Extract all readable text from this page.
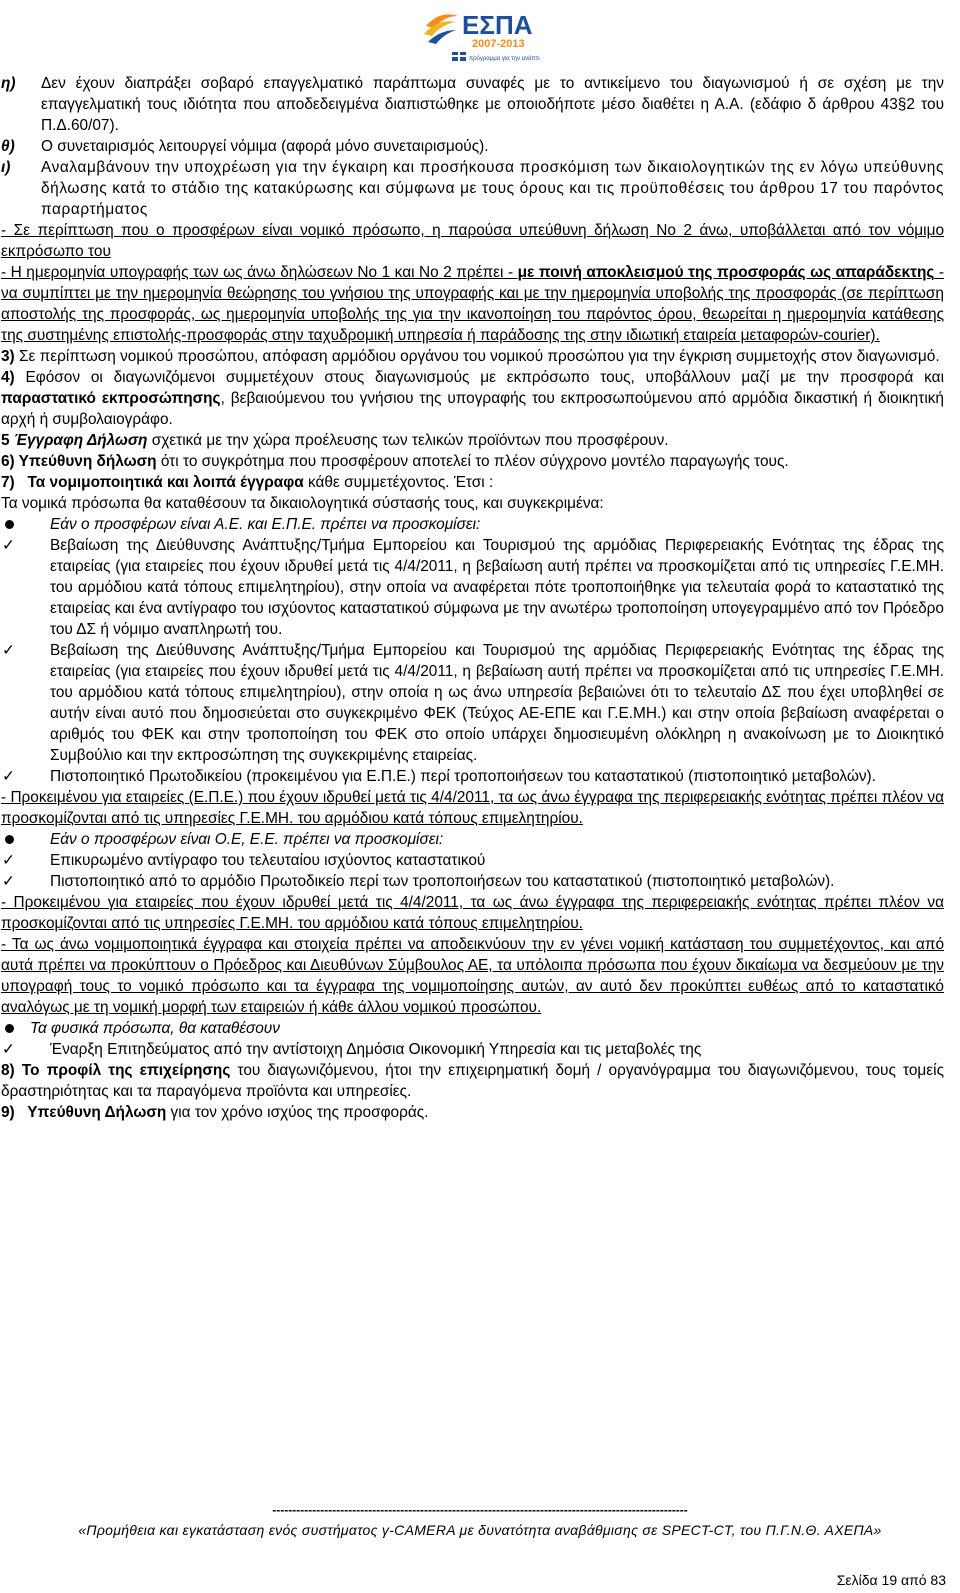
ΕΣΠΑ
2007-2013
πρόγραμμα για την ανάπτυξη
η)	Δεν έχουν διαπράξει σοβαρό επαγγελματικό παράπτωμα συναφές με το αντικείμενο του διαγωνισμού ή σε σχέση με την επαγγελματική τους ιδιότητα που αποδεδειγμένα διαπιστώθηκε με οποιοδήποτε μέσο διαθέτει η Α.Α. (εδάφιο δ άρθρου 43§2 του Π.Δ.60/07).
θ)	Ο συνεταιρισμός λειτουργεί νόμιμα (αφορά μόνο συνεταιρισμούς).
ι)	Αναλαμβάνουν την υποχρέωση για την έγκαιρη και προσήκουσα προσκόμιση των δικαιολογητικών της εν λόγω υπεύθυνης δήλωσης κατά το στάδιο της κατακύρωσης και σύμφωνα με τους όρους και τις προϋποθέσεις του άρθρου 17 του παρόντος παραρτήματος

- Σε περίπτωση που ο προσφέρων είναι νομικό πρόσωπο, η παρούσα υπεύθυνη δήλωση Νο 2 άνω, υποβάλλεται από τον νόμιμο εκπρόσωπο του

- Η ημερομηνία υπογραφής των ως άνω δηλώσεων Νο 1 και Νο 2 πρέπει - με ποινή αποκλεισμού της προσφοράς ως απαράδεκτης - να συμπίπτει με την ημερομηνία θεώρησης του γνήσιου της υπογραφής και με την ημερομηνία υποβολής της προσφοράς (σε περίπτωση αποστολής της προσφοράς, ως ημερομηνία υποβολής της για την ικανοποίηση του παρόντος όρου, θεωρείται η ημερομηνία κατάθεσης της συστημένης επιστολής-προσφοράς στην ταχυδρομική υπηρεσία ή παράδοσης της στην ιδιωτική εταιρεία μεταφορών-courier).

3) Σε περίπτωση νομικού προσώπου, απόφαση αρμόδιου οργάνου του νομικού προσώπου για την έγκριση συμμετοχής στον διαγωνισμό.

4) Εφόσον οι διαγωνιζόμενοι συμμετέχουν στους διαγωνισμούς με εκπρόσωπο τους, υποβάλλουν μαζί με την προσφορά και παραστατικό εκπροσώπησης, βεβαιούμενου του γνήσιου της υπογραφής του εκπροσωπούμενου από αρμόδια δικαστική ή διοικητική αρχή ή συμβολαιογράφο.

5 Έγγραφη Δήλωση σχετικά με την χώρα προέλευσης των τελικών προϊόντων που προσφέρουν.

6) Υπεύθυνη δήλωση ότι το συγκρότημα που προσφέρουν αποτελεί το πλέον σύγχρονο μοντέλο παραγωγής τους.

7)   Τα νομιμοποιητικά και λοιπά έγγραφα κάθε συμμετέχοντος. Έτσι :

Τα νομικά πρόσωπα θα καταθέσουν τα δικαιολογητικά σύστασής τους, και συγκεκριμένα:

Εάν ο προσφέρων είναι Α.Ε. και Ε.Π.Ε. πρέπει να προσκομίσει:
✓	Βεβαίωση της Διεύθυνσης Ανάπτυξης/Τμήμα Εμπορείου και Τουρισμού της αρμόδιας Περιφερειακής Ενότητας της έδρας της εταιρείας (για εταιρείες που έχουν ιδρυθεί μετά τις 4/4/2011, η βεβαίωση αυτή πρέπει να προσκομίζεται από τις υπηρεσίες Γ.Ε.ΜΗ. του αρμόδιου κατά τόπους επιμελητηρίου), στην οποία να αναφέρεται πότε τροποποιήθηκε για τελευταία φορά το καταστατικό της εταιρείας και ένα αντίγραφο του ισχύοντος καταστατικού σύμφωνα με την ανωτέρω τροποποίηση υπογεγραμμένο από τον Πρόεδρο του ΔΣ ή νόμιμο αναπληρωτή του.
✓	Βεβαίωση της Διεύθυνσης Ανάπτυξης/Τμήμα Εμπορείου και Τουρισμού της αρμόδιας Περιφερειακής Ενότητας της έδρας της εταιρείας (για εταιρείες που έχουν ιδρυθεί μετά τις 4/4/2011, η βεβαίωση αυτή πρέπει να προσκομίζεται από τις υπηρεσίες Γ.Ε.ΜΗ. του αρμόδιου κατά τόπους επιμελητηρίου), στην οποία η ως άνω υπηρεσία βεβαιώνει ότι το τελευταίο ΔΣ που έχει υποβληθεί σε αυτήν είναι αυτό που δημοσιεύεται στο συγκεκριμένο ΦΕΚ (Τεύχος ΑΕ-ΕΠΕ και Γ.Ε.ΜΗ.) και στην οποία βεβαίωση αναφέρεται ο αριθμός του ΦΕΚ και στην τροποποίηση του ΦΕΚ στο οποίο υπάρχει δημοσιευμένη ολόκληρη η ανακοίνωση με το Διοικητικό Συμβούλιο και την εκπροσώπηση της συγκεκριμένης εταιρείας.
✓	Πιστοποιητικό Πρωτοδικείου (προκειμένου για Ε.Π.Ε.) περί τροποποιήσεων του καταστατικού (πιστοποιητικό μεταβολών).

- Προκειμένου για εταιρείες (Ε.Π.Ε.) που έχουν ιδρυθεί μετά τις 4/4/2011, τα ως άνω έγγραφα της περιφερειακής ενότητας πρέπει πλέον να προσκομίζονται από τις υπηρεσίες Γ.Ε.ΜΗ. του αρμόδιου κατά τόπους επιμελητηρίου.

Εάν ο προσφέρων είναι Ο.Ε, Ε.Ε. πρέπει να προσκομίσει:
✓	Επικυρωμένο αντίγραφο του τελευταίου ισχύοντος καταστατικού
✓	Πιστοποιητικό από το αρμόδιο Πρωτοδικείο περί των τροποποιήσεων του καταστατικού (πιστοποιητικό μεταβολών).

- Προκειμένου για εταιρείες που έχουν ιδρυθεί μετά τις 4/4/2011, τα ως άνω έγγραφα της περιφερειακής ενότητας πρέπει πλέον να προσκομίζονται από τις υπηρεσίες Γ.Ε.ΜΗ. του αρμόδιου κατά τόπους επιμελητηρίου.

- Τα ως άνω νομιμοποιητικά έγγραφα και στοιχεία πρέπει να αποδεικνύουν την εν γένει νομική κατάσταση του συμμετέχοντος, και από αυτά πρέπει να προκύπτουν ο Πρόεδρος και Διευθύνων Σύμβουλος ΑΕ, τα υπόλοιπα πρόσωπα που έχουν δικαίωμα να δεσμεύουν με την υπογραφή τους το νομικό πρόσωπο και τα έγγραφα της νομιμοποίησης αυτών, αν αυτό δεν προκύπτει ευθέως από το καταστατικό αναλόγως με τη νομική μορφή των εταιρειών ή κάθε άλλου νομικού προσώπου.

Τα φυσικά πρόσωπα, θα καταθέσουν
✓	Έναρξη Επιτηδεύματος από την αντίστοιχη Δημόσια Οικονομική Υπηρεσία και τις μεταβολές της

8) Το προφίλ της επιχείρησης του διαγωνιζόμενου, ήτοι την επιχειρηματική δομή / οργανόγραμμα του διαγωνιζόμενου, τους τομείς δραστηριότητας και τα παραγόμενα προϊόντα και υπηρεσίες.

9)   Υπεύθυνη Δήλωση για τον χρόνο ισχύος της προσφοράς.

--------------------------------------------------------------------------------------------------------
«Προμήθεια και εγκατάσταση ενός συστήματος γ-CAMERA με δυνατότητα αναβάθμισης σε SPECT-CT, του Π.Γ.Ν.Θ. ΑΧΕΠΑ»
Σελίδα 19 από 83
